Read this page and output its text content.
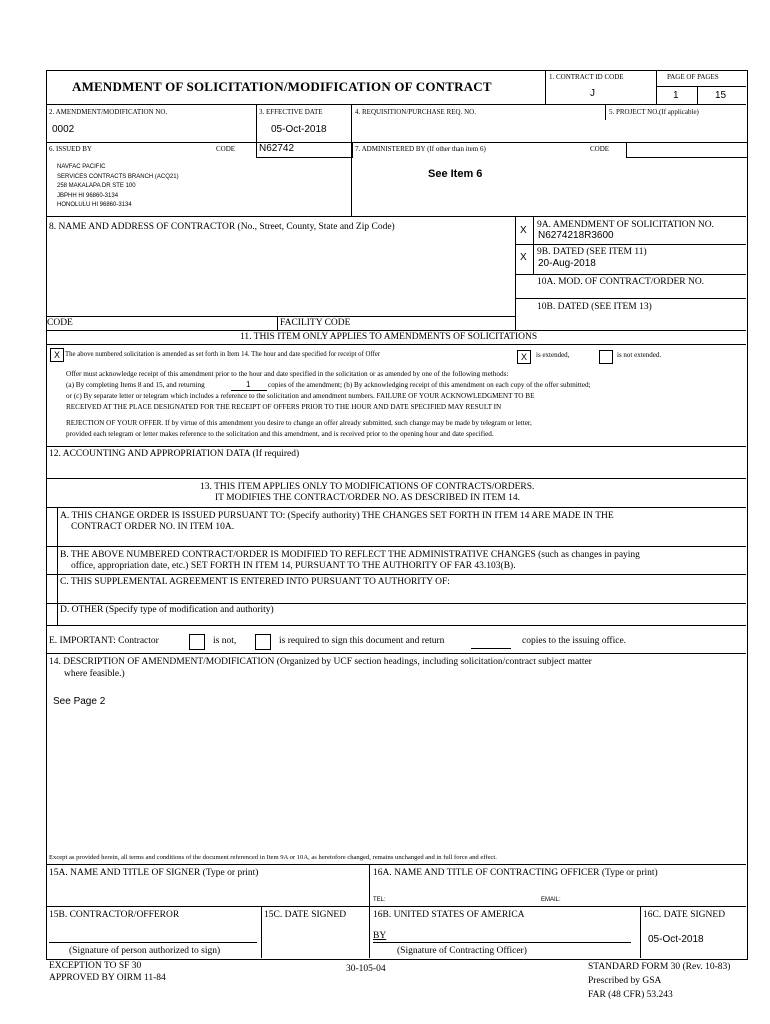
AMENDMENT OF SOLICITATION/MODIFICATION OF CONTRACT
1. CONTRACT ID CODE
J
PAGE OF PAGES
1	15
2. AMENDMENT/MODIFICATION NO.
0002
3. EFFECTIVE DATE
05-Oct-2018
4. REQUISITION/PURCHASE REQ. NO.	5. PROJECT NO.(If applicable)
6. ISSUED BY	CODE N62742	7. ADMINISTERED BY (If other than item 6)	CODE
NAVFAC PACIFIC
SERVICES CONTRACTS BRANCH (ACQ21)
258 MAKALAPA DR STE 100
JBPHH HI 96860-3134
HONOLULU HI 96860-3134
See Item 6
8. NAME AND ADDRESS OF CONTRACTOR (No., Street, County, State and Zip Code)	X 9A. AMENDMENT OF SOLICITATION NO.
N6274218R3600
X 9B. DATED (SEE ITEM 11)
20-Aug-2018
10A. MOD. OF CONTRACT/ORDER NO.
10B. DATED (SEE ITEM 13)
CODE	FACILITY CODE
11. THIS ITEM ONLY APPLIES TO AMENDMENTS OF SOLICITATIONS
X The above numbered solicitation is amended as set forth in Item 14. The hour and date specified for receipt of Offer	X	is extended,	is not extended.
Offer must acknowledge receipt of this amendment prior to the hour and date specified in the solicitation or as amended by one of the following methods:
(a) By completing Items 8 and 15, and returning	1 copies of the amendment; (b) By acknowledging receipt of this amendment on each copy of the offer submitted;
or (c) By separate letter or telegram which includes a reference to the solicitation and amendment numbers. FAILURE OF YOUR ACKNOWLEDGMENT TO BE
RECEIVED AT THE PLACE DESIGNATED FOR THE RECEIPT OF OFFERS PRIOR TO THE HOUR AND DATE SPECIFIED MAY RESULT IN
REJECTION OF YOUR OFFER. If by virtue of this amendment you desire to change an offer already submitted, such change may be made by telegram or letter,
provided each telegram or letter makes reference to the solicitation and this amendment, and is received prior to the opening hour and date specified.
12. ACCOUNTING AND APPROPRIATION DATA (If required)
13. THIS ITEM APPLIES ONLY TO MODIFICATIONS OF CONTRACTS/ORDERS.
IT MODIFIES THE CONTRACT/ORDER NO. AS DESCRIBED IN ITEM 14.
A. THIS CHANGE ORDER IS ISSUED PURSUANT TO: (Specify authority) THE CHANGES SET FORTH IN ITEM 14 ARE MADE IN THE
CONTRACT ORDER NO. IN ITEM 10A.
B. THE ABOVE NUMBERED CONTRACT/ORDER IS MODIFIED TO REFLECT THE ADMINISTRATIVE CHANGES (such as changes in paying
office, appropriation date, etc.) SET FORTH IN ITEM 14, PURSUANT TO THE AUTHORITY OF FAR 43.103(B).
C. THIS SUPPLEMENTAL AGREEMENT IS ENTERED INTO PURSUANT TO AUTHORITY OF:
D. OTHER (Specify type of modification and authority)
E. IMPORTANT: Contractor	is not,	is required to sign this document and return	copies to the issuing office.
14. DESCRIPTION OF AMENDMENT/MODIFICATION (Organized by UCF section headings, including solicitation/contract subject matter
where feasible.)
See Page 2
Except as provided herein, all terms and conditions of the document referenced in Item 9A or 10A, as heretofore changed, remains unchanged and in full force and effect.
15A. NAME AND TITLE OF SIGNER (Type or print)	16A. NAME AND TITLE OF CONTRACTING OFFICER (Type or print)
TEL:	EMAIL:
15B. CONTRACTOR/OFFEROR	15C. DATE SIGNED	16B. UNITED STATES OF AMERICA	16C. DATE SIGNED
BY	05-Oct-2018
(Signature of person authorized to sign)	(Signature of Contracting Officer)
EXCEPTION TO SF 30
APPROVED BY OIRM 11-84
30-105-04	STANDARD FORM 30 (Rev. 10-83)
Prescribed by GSA
FAR (48 CFR) 53.243
